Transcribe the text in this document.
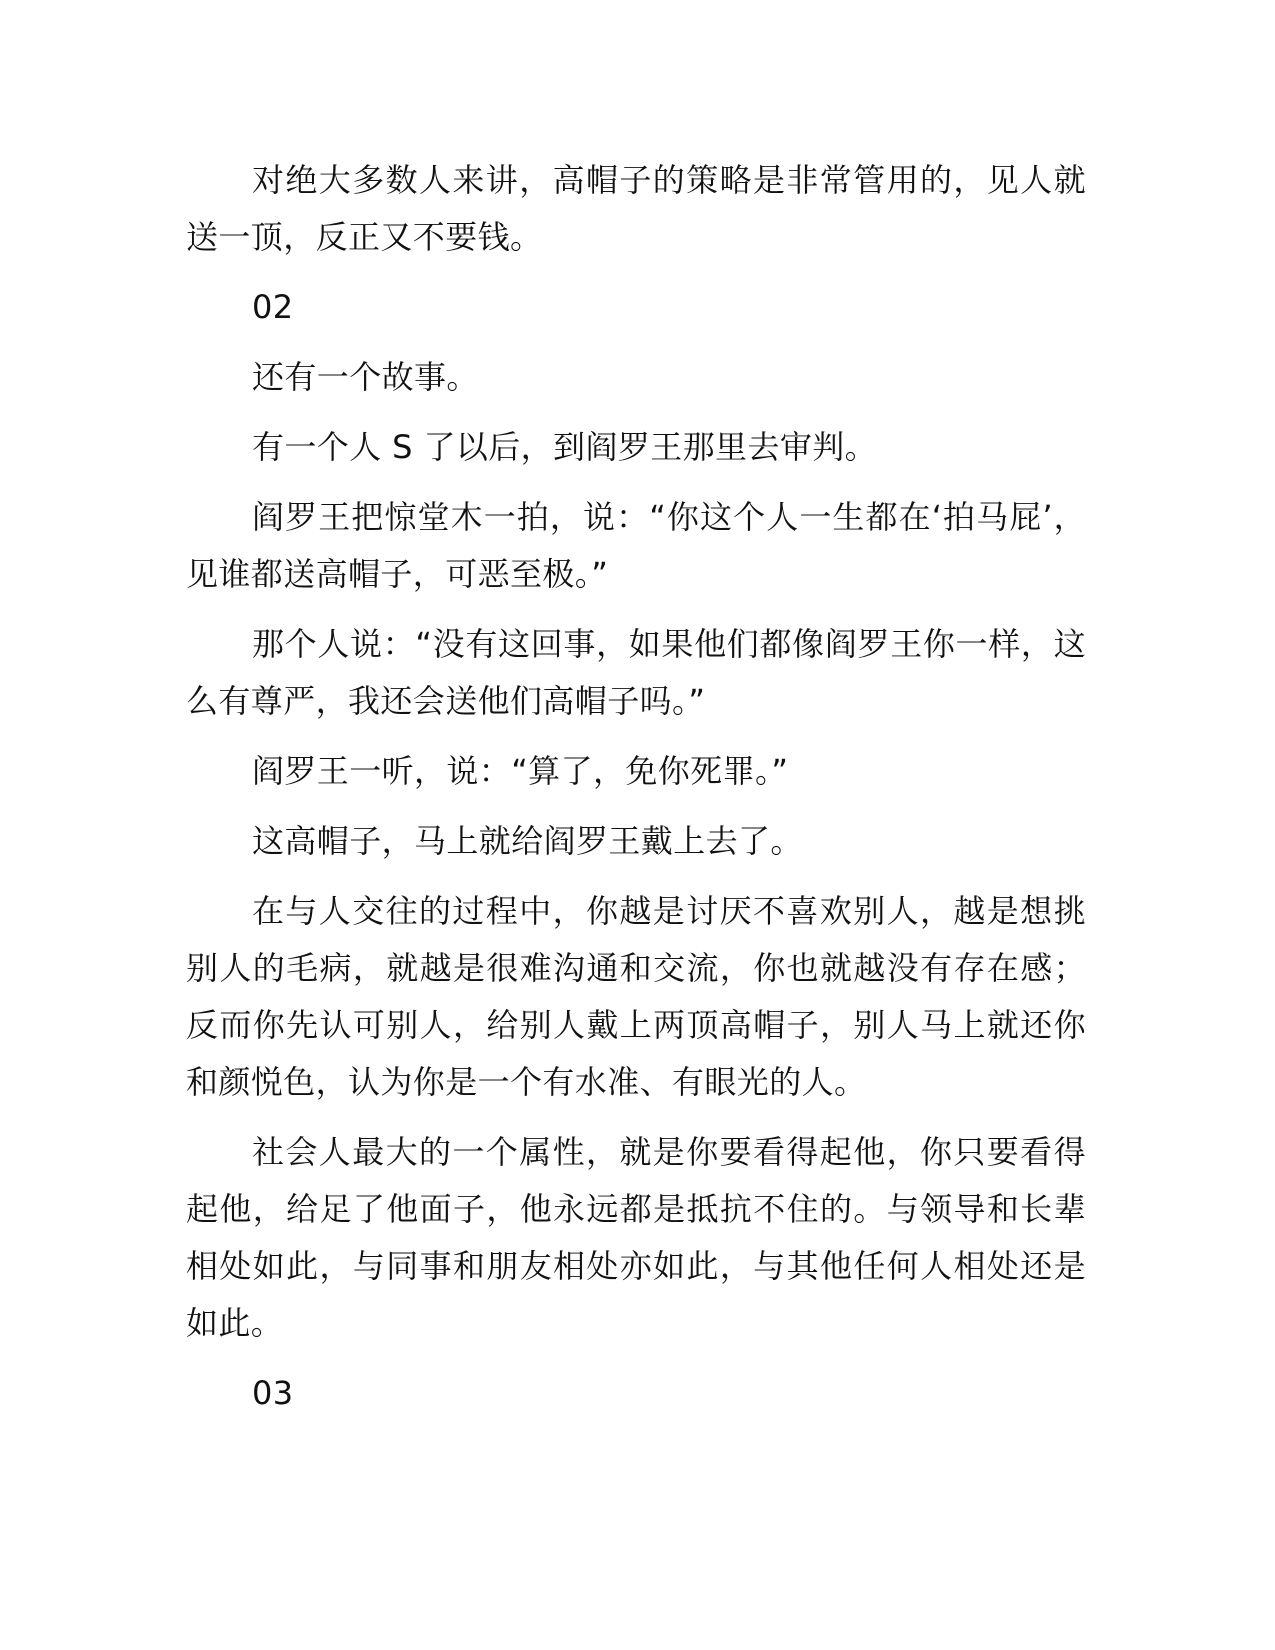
对绝大多数人来讲，高帽子的策略是非常管用的，见人就送一顶，反正又不要钱。

02

还有一个故事。

有一个人 S 了以后，到阎罗王那里去审判。

阎罗王把惊堂木一拍，说：“你这个人一生都在‘拍马屁’，见谁都送高帽子，可恶至极。”

那个人说：“没有这回事，如果他们都像阎罗王你一样，这么有尊严，我还会送他们高帽子吗。”

阎罗王一听，说：“算了，免你死罪。”

这高帽子，马上就给阎罗王戴上去了。

在与人交往的过程中，你越是讨厌不喜欢别人，越是想挑别人的毛病，就越是很难沟通和交流，你也就越没有存在感；反而你先认可别人，给别人戴上两顶高帽子，别人马上就还你和颜悦色，认为你是一个有水准、有眼光的人。

社会人最大的一个属性，就是你要看得起他，你只要看得起他，给足了他面子，他永远都是抵抗不住的。与领导和长辈相处如此，与同事和朋友相处亦如此，与其他任何人相处还是如此。

03
